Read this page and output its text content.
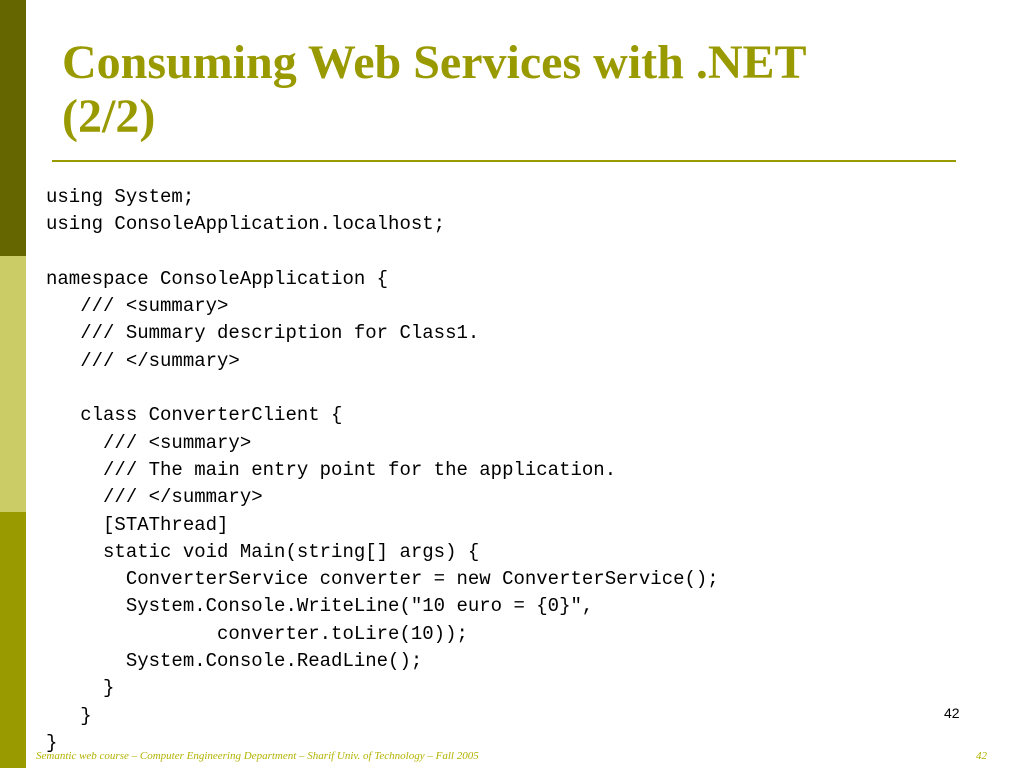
Consuming Web Services with .NET
(2/2)
using System;
using ConsoleApplication.localhost;
namespace ConsoleApplication {
/// <summary>
/// Summary description for Class1.
/// </summary>
class ConverterClient {
/// <summary>
/// The main entry point for the application.
/// </summary>
[STAThread]
static void Main(string[] args) {
ConverterService converter = new ConverterService();
System.Console.WriteLine("10 euro = {0}",
converter.toLire(10));
System.Console.ReadLine();
}
}
}
42
Semantic web course – Computer Engineering Department – Sharif Univ. of Technology – Fall 2005	42
